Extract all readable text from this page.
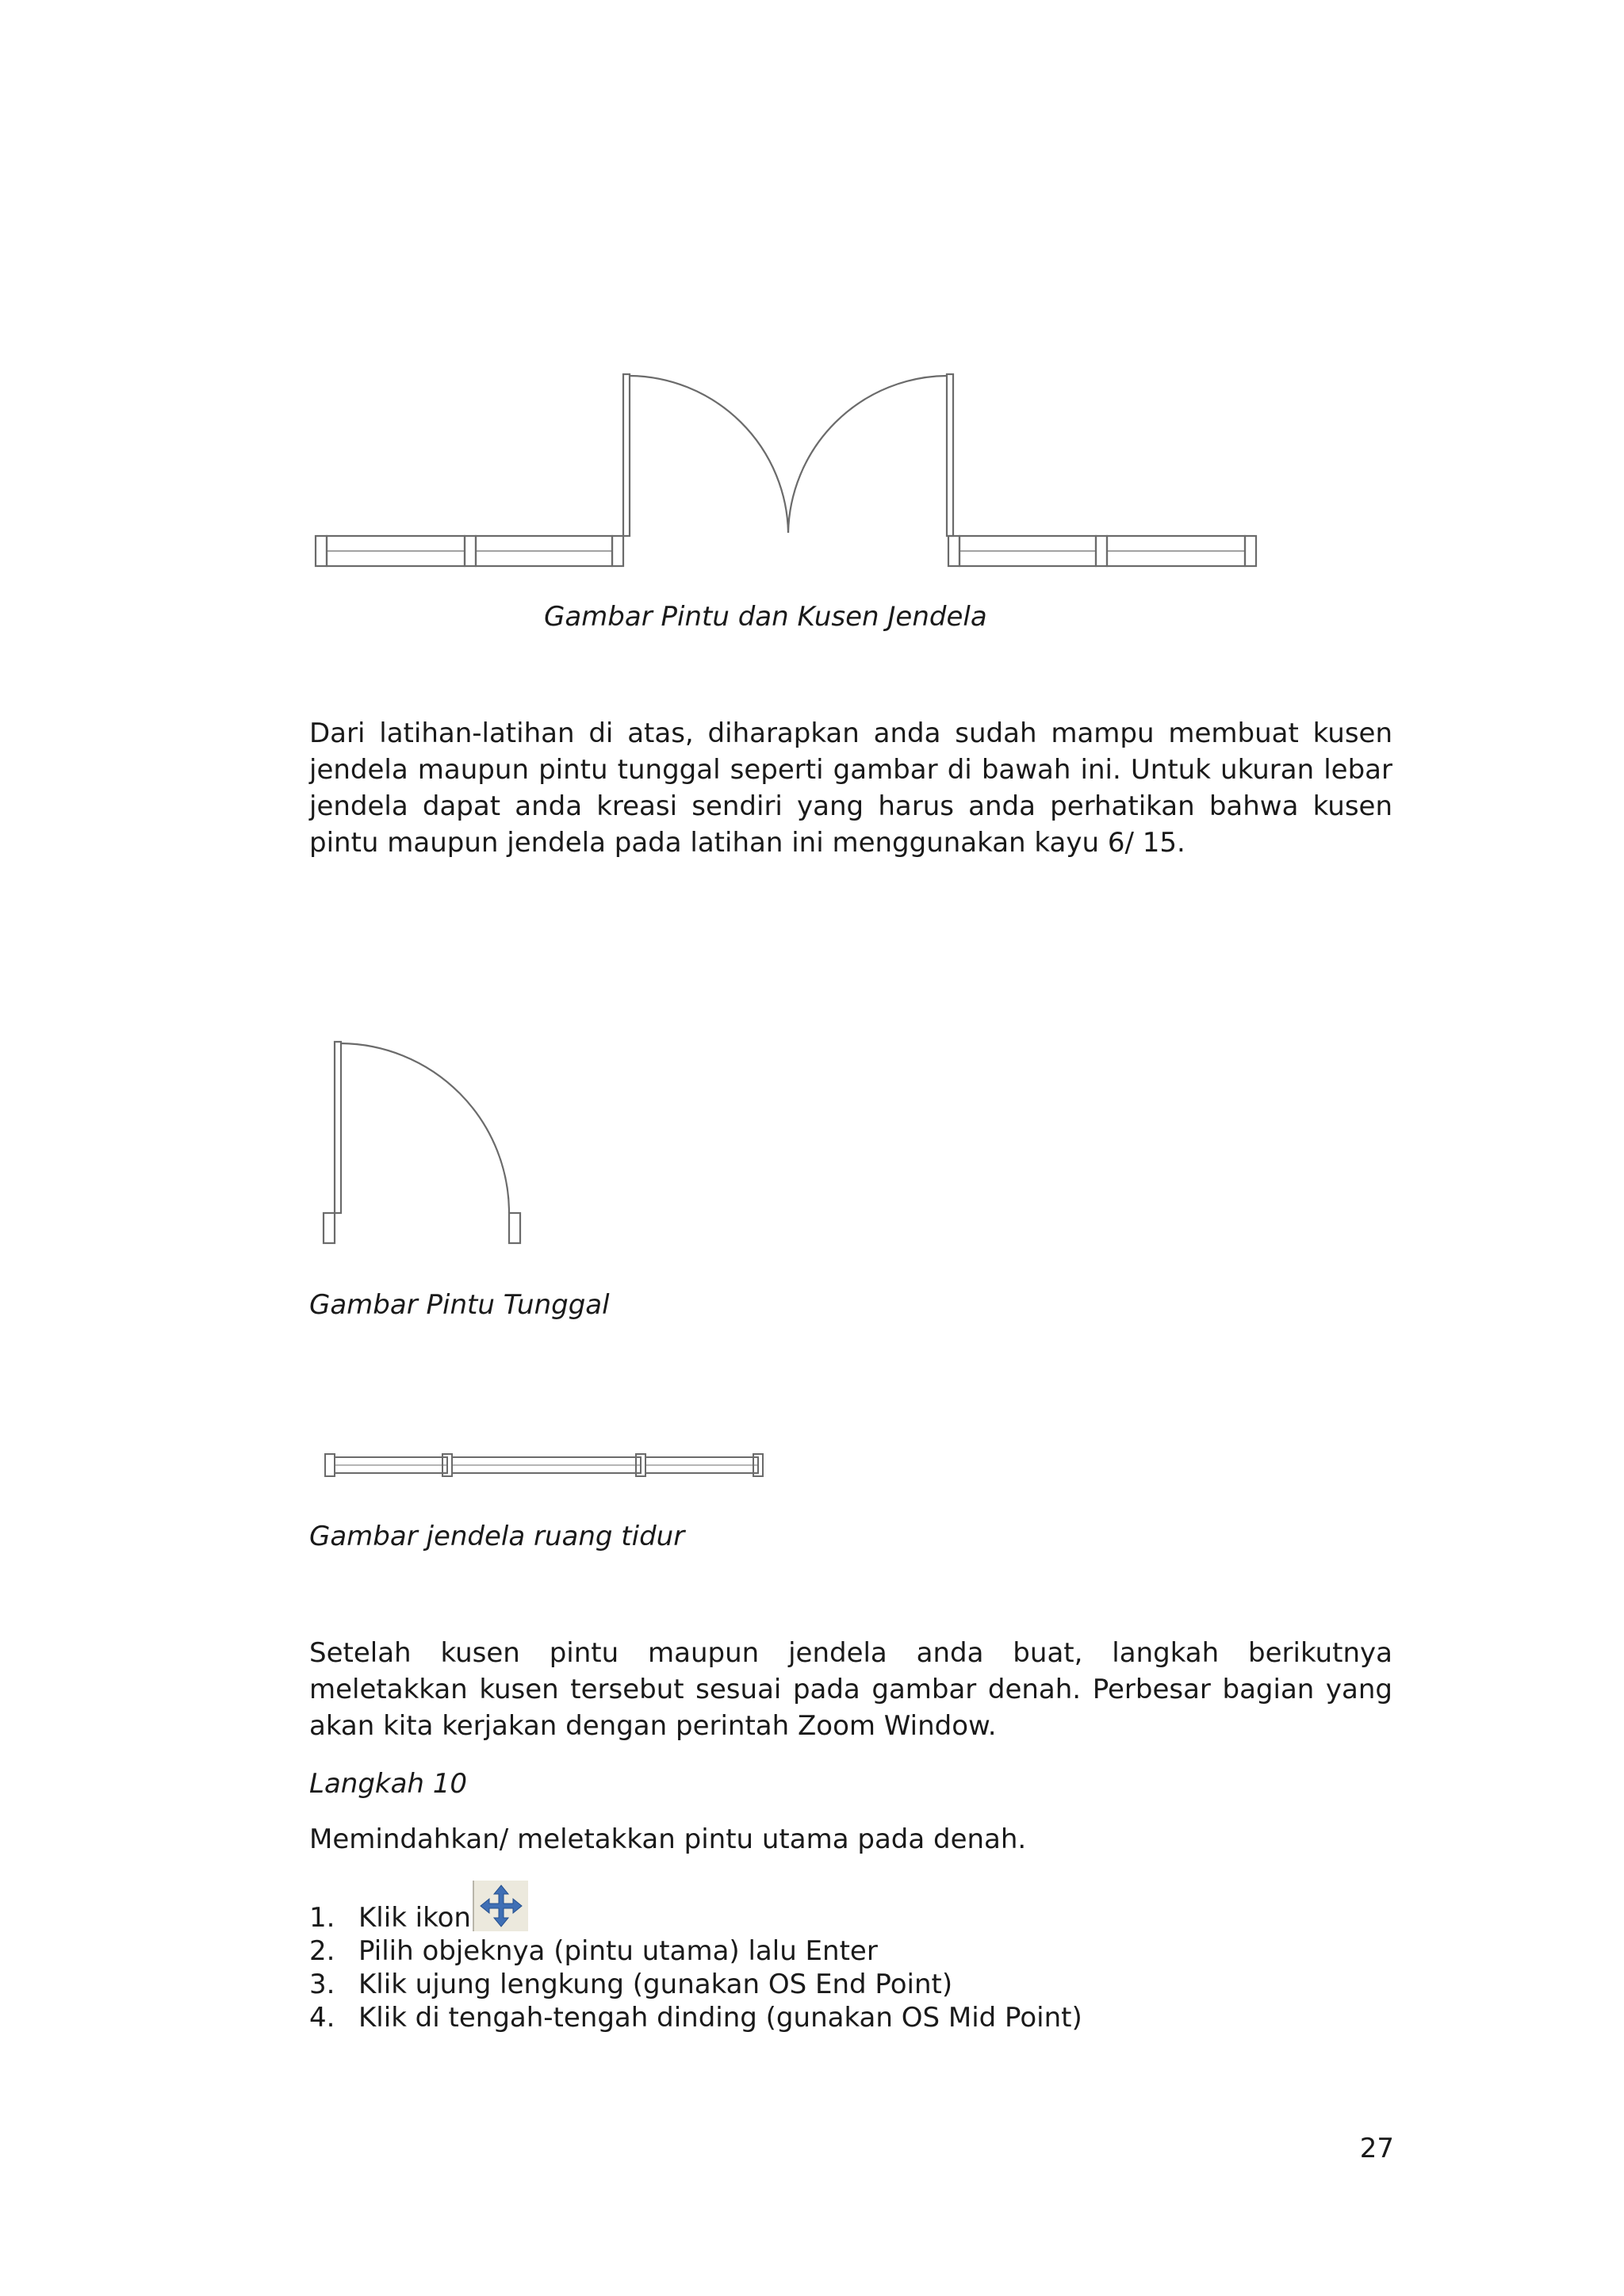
Gambar Pintu dan Kusen Jendela

Dari latihan-latihan di atas, diharapkan anda sudah mampu membuat kusen jendela maupun pintu tunggal seperti gambar di bawah ini. Untuk ukuran lebar jendela dapat anda kreasi sendiri yang harus anda perhatikan bahwa kusen pintu maupun jendela pada latihan ini menggunakan kayu 6/ 15.

Gambar Pintu Tunggal
Gambar jendela ruang tidur

Setelah kusen pintu maupun jendela anda buat, langkah berikutnya meletakkan kusen tersebut sesuai pada gambar denah. Perbesar bagian yang akan kita kerjakan dengan perintah Zoom Window.

Langkah 10
Memindahkan/ meletakkan pintu utama pada denah.
1. Klik ikon
2. Pilih objeknya (pintu utama) lalu Enter
3. Klik ujung lengkung (gunakan OS End Point)
4. Klik di tengah-tengah dinding (gunakan OS Mid Point)
27
